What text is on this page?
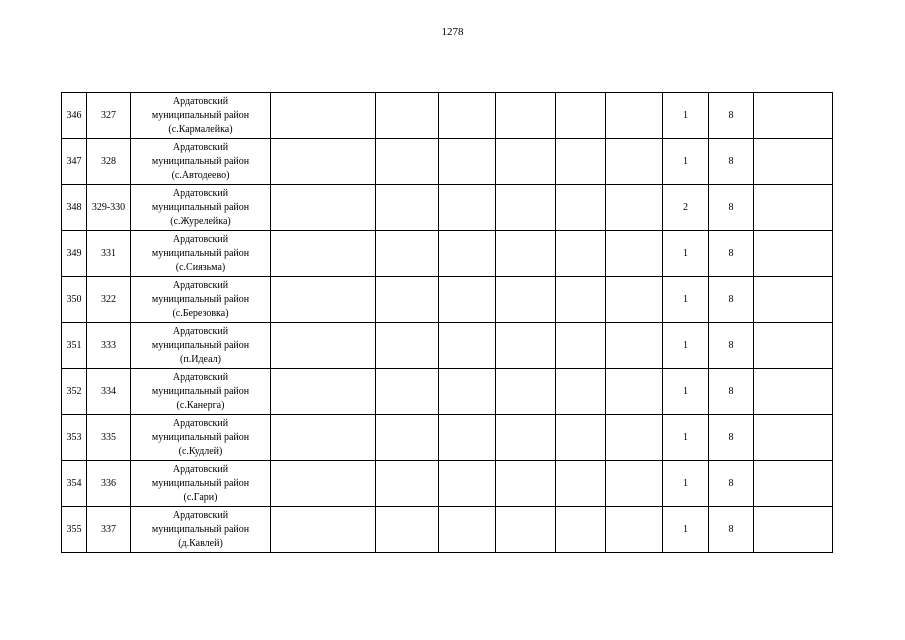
1278
346	327	Ардатовский
муниципальный район
(с.Кармалейка)							1	8		
347	328	Ардатовский
муниципальный район
(с.Автодеево)							1	8		
348	329-330	Ардатовский
муниципальный район
(с.Журелейка)							2	8		
349	331	Ардатовский
муниципальный район
(с.Сиязьма)							1	8		
350	322	Ардатовский
муниципальный район
(с.Березовка)							1	8		
351	333	Ардатовский
муниципальный район
(п.Идеал)							1	8		
352	334	Ардатовский
муниципальный район
(с.Канерга)							1	8		
353	335	Ардатовский
муниципальный район
(с.Кудлей)							1	8		
354	336	Ардатовский
муниципальный район
(с.Гари)							1	8		
355	337	Ардатовский
муниципальный район
(д.Кавлей)							1	8		
